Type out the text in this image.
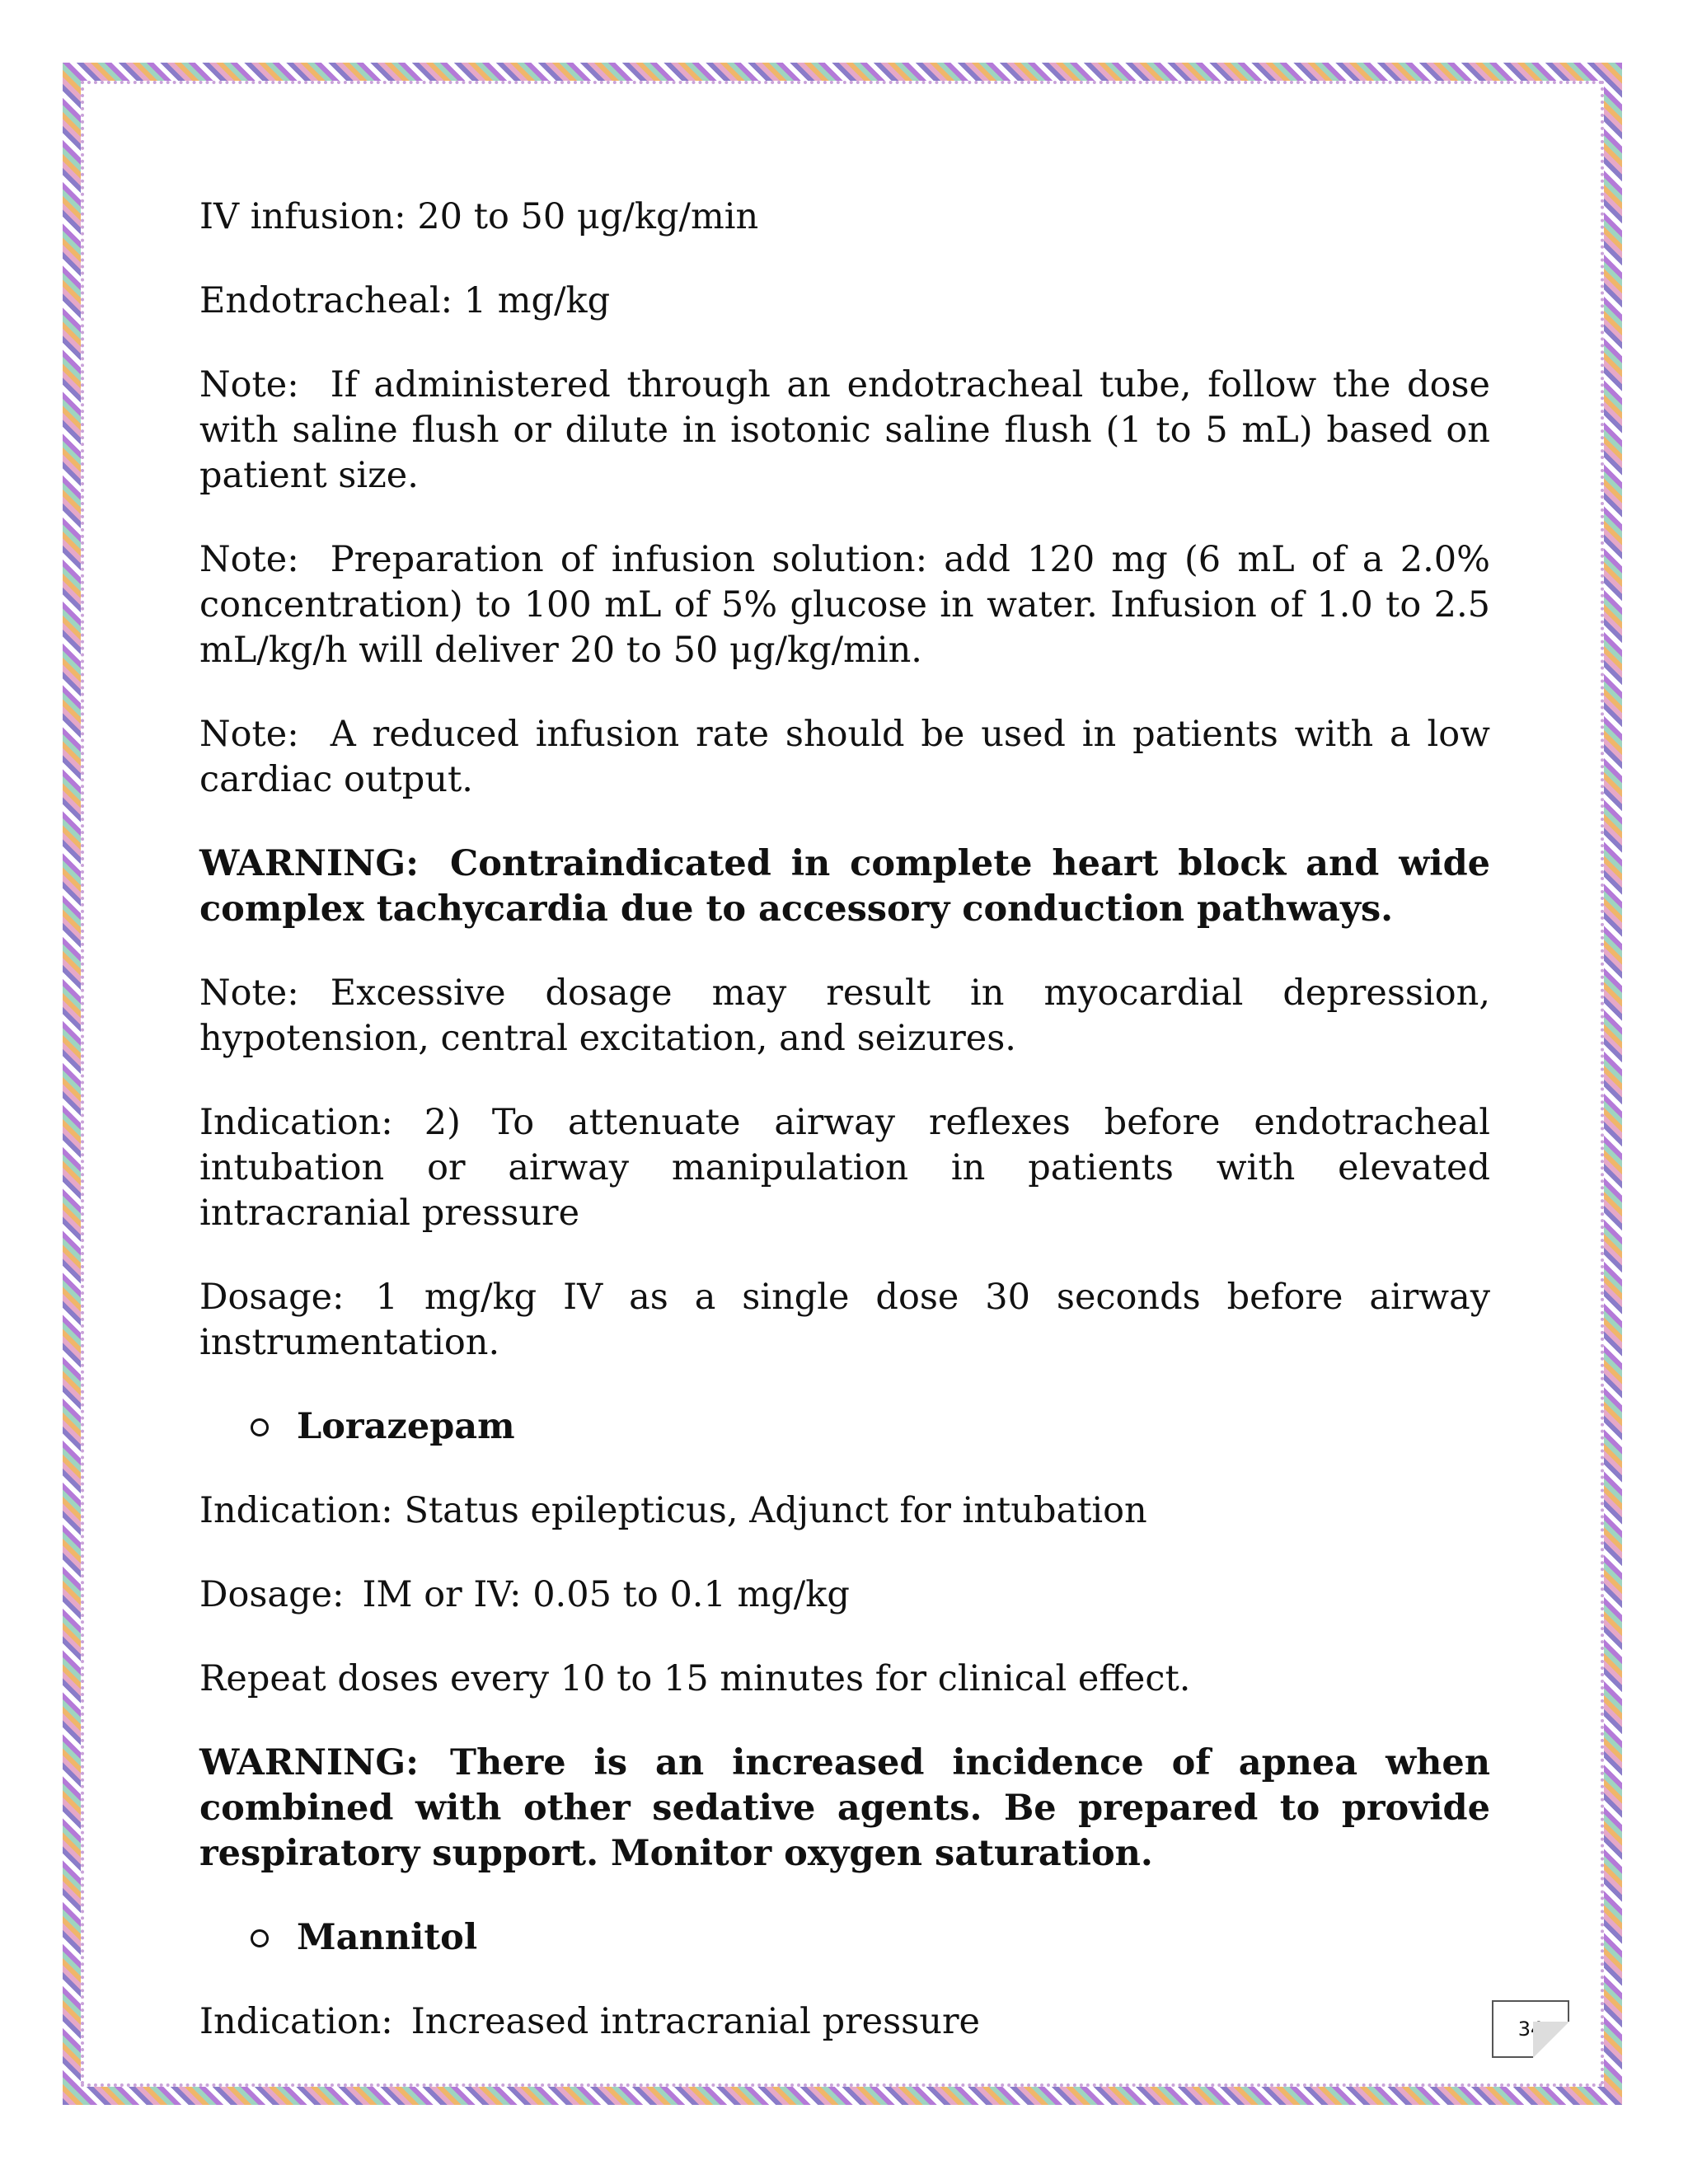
IV infusion: 20 to 50 μg/kg/min

Endotracheal: 1 mg/kg

Note: If administered through an endotracheal tube, follow the dose with saline flush or dilute in isotonic saline flush (1 to 5 mL) based on patient size.

Note: Preparation of infusion solution: add 120 mg (6 mL of a 2.0% concentration) to 100 mL of 5% glucose in water. Infusion of 1.0 to 2.5 mL/kg/h will deliver 20 to 50 μg/kg/min.

Note: A reduced infusion rate should be used in patients with a low cardiac output.

WARNING: Contraindicated in complete heart block and wide complex tachycardia due to accessory conduction pathways.

Note: Excessive dosage may result in myocardial depression, hypotension, central excitation, and seizures.

Indication: 2) To attenuate airway reflexes before endotracheal intubation or airway manipulation in patients with elevated intracranial pressure

Dosage: 1 mg/kg IV as a single dose 30 seconds before airway instrumentation.

Lorazepam

Indication: Status epilepticus, Adjunct for intubation

Dosage: IM or IV: 0.05 to 0.1 mg/kg

Repeat doses every 10 to 15 minutes for clinical effect.

WARNING: There is an increased incidence of apnea when combined with other sedative agents. Be prepared to provide respiratory support. Monitor oxygen saturation.

Mannitol

Indication: Increased intracranial pressure	34
